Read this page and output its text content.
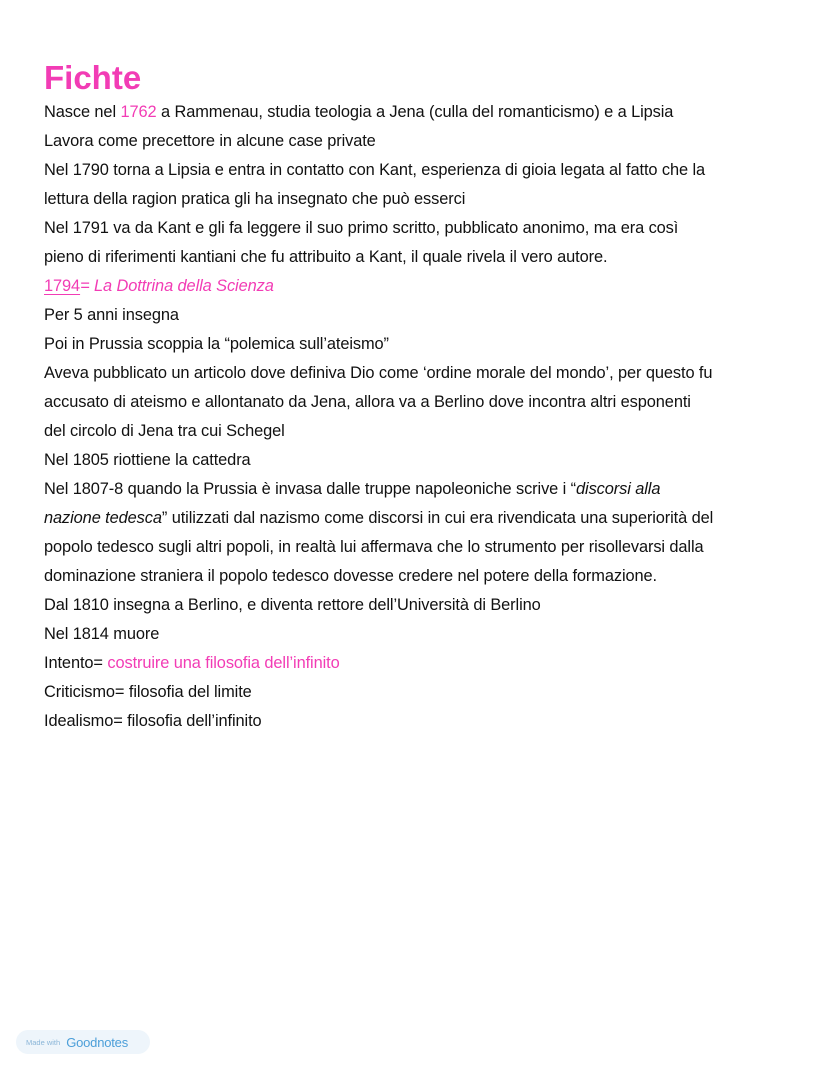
Fichte
Nasce nel 1762 a Rammenau, studia teologia a Jena (culla del romanticismo) e a Lipsia
Lavora come precettore in alcune case private
Nel 1790 torna a Lipsia e entra in contatto con Kant, esperienza di gioia legata al fatto che la
lettura della ragion pratica gli ha insegnato che può esserci
Nel 1791 va da Kant e gli fa leggere il suo primo scritto, pubblicato anonimo, ma era così
pieno di riferimenti kantiani che fu attribuito a Kant, il quale rivela il vero autore.
1794= La Dottrina della Scienza
Per 5 anni insegna
Poi in Prussia scoppia la “polemica sull’ateismo”
Aveva pubblicato un articolo dove definiva Dio come ‘ordine morale del mondo’, per questo fu
accusato di ateismo e allontanato da Jena, allora va a Berlino dove incontra altri esponenti
del circolo di Jena tra cui Schegel
Nel 1805 riottiene la cattedra
Nel 1807-8 quando la Prussia è invasa dalle truppe napoleoniche scrive i “discorsi alla
nazione tedesca” utilizzati dal nazismo come discorsi in cui era rivendicata una superiorità del
popolo tedesco sugli altri popoli, in realtà lui affermava che lo strumento per risollevarsi dalla
dominazione straniera il popolo tedesco dovesse credere nel potere della formazione.
Dal 1810 insegna a Berlino, e diventa rettore dell’Università di Berlino
Nel 1814 muore
Intento= costruire una filosofia dell’infinito
Criticismo= filosofia del limite
Idealismo= filosofia dell’infinito
Made with Goodnotes
